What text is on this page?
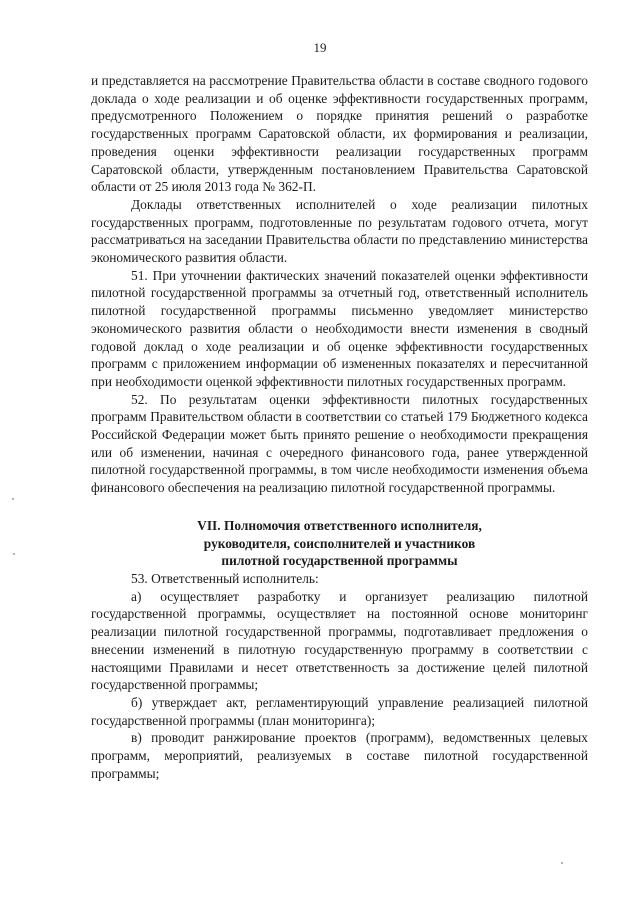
19

и представляется на рассмотрение Правительства области в составе сводного годового доклада о ходе реализации и об оценке эффективности государственных программ, предусмотренного Положением о порядке принятия решений о разработке государственных программ Саратовской области, их формирования и реализации, проведения оценки эффективности реализации государственных программ Саратовской области, утвержденным постановлением Правительства Саратовской области от 25 июля 2013 года № 362-П.

Доклады ответственных исполнителей о ходе реализации пилотных государственных программ, подготовленные по результатам годового отчета, могут рассматриваться на заседании Правительства области по представлению министерства экономического развития области.

51. При уточнении фактических значений показателей оценки эффективности пилотной государственной программы за отчетный год, ответственный исполнитель пилотной государственной программы письменно уведомляет министерство экономического развития области о необходимости внести изменения в сводный годовой доклад о ходе реализации и об оценке эффективности государственных программ с приложением информации об измененных показателях и пересчитанной при необходимости оценкой эффективности пилотных государственных программ.

52. По результатам оценки эффективности пилотных государственных программ Правительством области в соответствии со статьей 179 Бюджетного кодекса Российской Федерации может быть принято решение о необходимости прекращения или об изменении, начиная с очередного финансового года, ранее утвержденной пилотной государственной программы, в том числе необходимости изменения объема финансового обеспечения на реализацию пилотной государственной программы.

VII. Полномочия ответственного исполнителя,
руководителя, соисполнителей и участников
пилотной государственной программы

53. Ответственный исполнитель:

а) осуществляет разработку и организует реализацию пилотной государственной программы, осуществляет на постоянной основе мониторинг реализации пилотной государственной программы, подготавливает предложения о внесении изменений в пилотную государственную программу в соответствии с настоящими Правилами и несет ответственность за достижение целей пилотной государственной программы;

б) утверждает акт, регламентирующий управление реализацией пилотной государственной программы (план мониторинга);

в) проводит ранжирование проектов (программ), ведомственных целевых программ, мероприятий, реализуемых в составе пилотной государственной программы;
